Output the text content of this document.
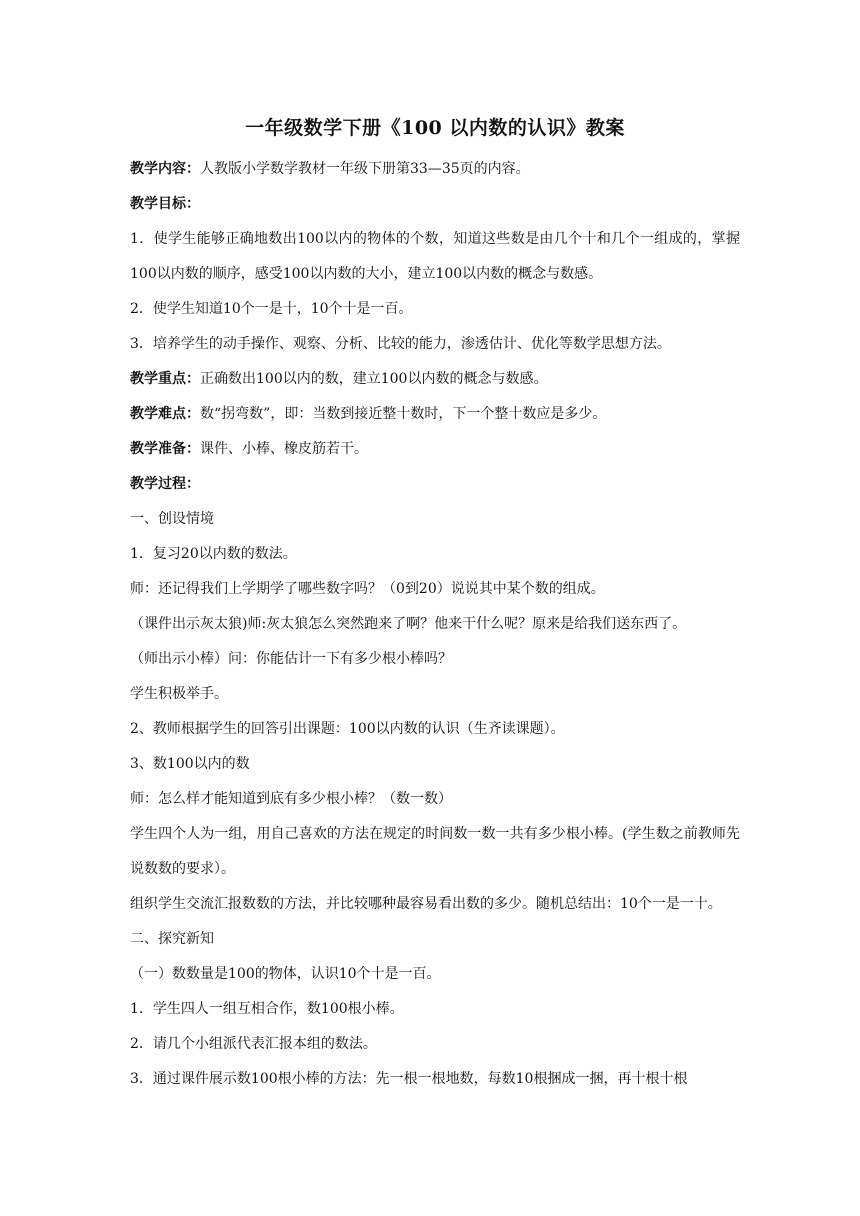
一年级数学下册《100 以内数的认识》教案
教学内容：人教版小学数学教材一年级下册第33—35页的内容。
教学目标：
1．使学生能够正确地数出100以内的物体的个数，知道这些数是由几个十和几个一组成的，掌握100以内数的顺序，感受100以内数的大小，建立100以内数的概念与数感。
2．使学生知道10个一是十，10个十是一百。
3．培养学生的动手操作、观察、分析、比较的能力，渗透估计、优化等数学思想方法。
教学重点：正确数出100以内的数，建立100以内数的概念与数感。
教学难点：数“拐弯数”，即：当数到接近整十数时，下一个整十数应是多少。
教学准备：课件、小棒、橡皮筋若干。
教学过程：
一、创设情境
1．复习20以内数的数法。
师：还记得我们上学期学了哪些数字吗？（0到20）说说其中某个数的组成。
（课件出示灰太狼)师:灰太狼怎么突然跑来了啊？他来干什么呢？原来是给我们送东西了。
（师出示小棒）问：你能估计一下有多少根小棒吗？
学生积极举手。
2、教师根据学生的回答引出课题：100以内数的认识（生齐读课题）。
3、数100以内的数
师：怎么样才能知道到底有多少根小棒？（数一数）
学生四个人为一组，用自己喜欢的方法在规定的时间数一数一共有多少根小棒。(学生数之前教师先说数数的要求）。
组织学生交流汇报数数的方法，并比较哪种最容易看出数的多少。随机总结出：10个一是一十。
二、探究新知
（一）数数量是100的物体，认识10个十是一百。
1．学生四人一组互相合作，数100根小棒。
2．请几个小组派代表汇报本组的数法。
3．通过课件展示数100根小棒的方法：先一根一根地数，每数10根捆成一捆，再十根十根
